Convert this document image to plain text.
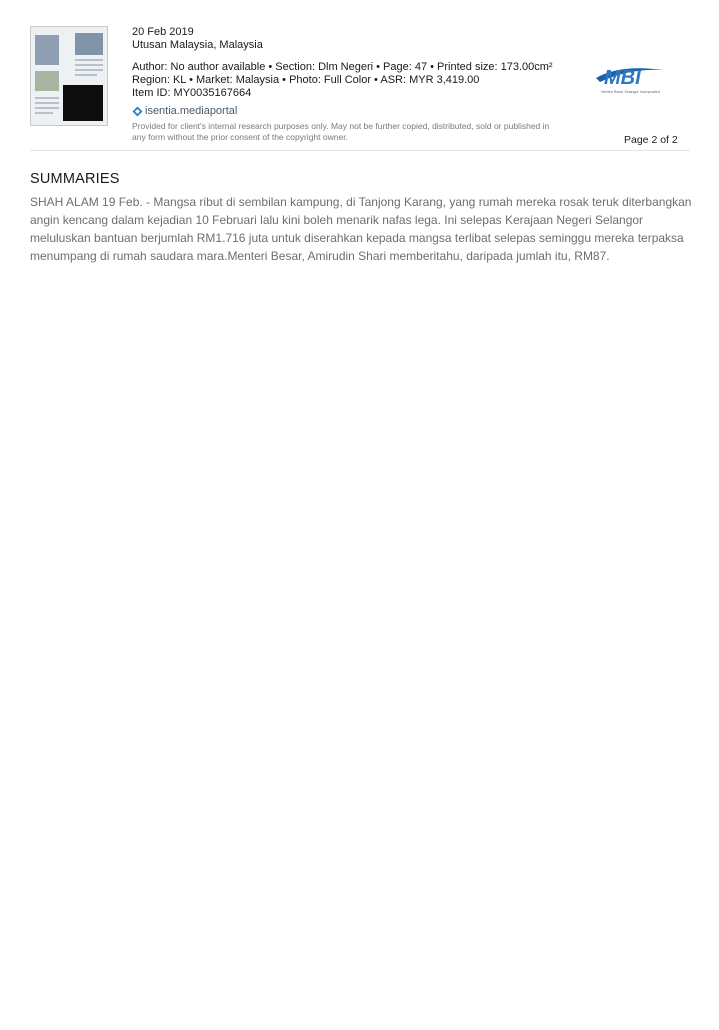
20 Feb 2019
Utusan Malaysia, Malaysia
Author: No author available • Section: Dlm Negeri • Page: 47 • Printed size: 173.00cm²
Region: KL • Market: Malaysia • Photo: Full Color • ASR: MYR 3,419.00
Item ID: MY0035167664
isentia.mediaportal
Provided for client's internal research purposes only. May not be further copied, distributed, sold or published in
any form without the prior consent of the copyright owner.
MBI
Menteri Besar Selangor Incorporated
Page 2 of 2
SUMMARIES
SHAH ALAM 19 Feb. - Mangsa ribut di sembilan kampung, di Tanjong Karang, yang rumah mereka rosak teruk diterbangkan
angin kencang dalam kejadian 10 Februari lalu kini boleh menarik nafas lega. Ini selepas Kerajaan Negeri Selangor
meluluskan bantuan berjumlah RM1.716 juta untuk diserahkan kepada mangsa terlibat selepas seminggu mereka terpaksa
menumpang di rumah saudara mara.Menteri Besar, Amirudin Shari memberitahu, daripada jumlah itu, RM87.
